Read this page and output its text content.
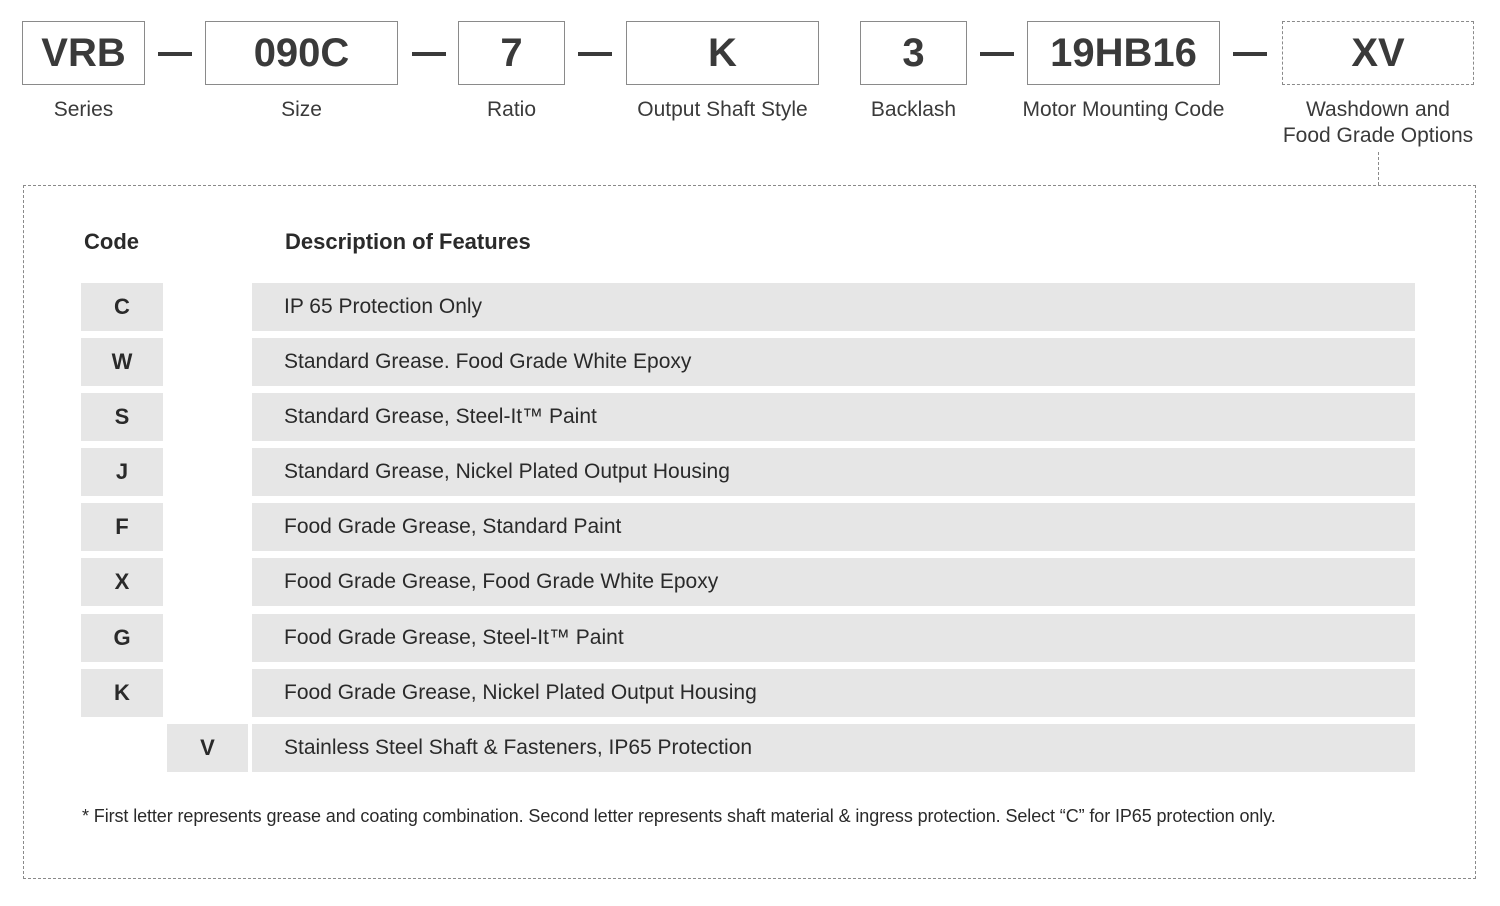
VRB	090C	7	K	3	19HB16	XV
Series	Size	Ratio	Output Shaft Style	Backlash	Motor Mounting Code	Washdown and
Food Grade Options
Code	Description of Features
C	IP 65 Protection Only
W	Standard Grease. Food Grade White Epoxy
S	Standard Grease, Steel-It™ Paint
J	Standard Grease, Nickel Plated Output Housing
F	Food Grade Grease, Standard Paint
X	Food Grade Grease, Food Grade White Epoxy
G	Food Grade Grease, Steel-It™ Paint
K	Food Grade Grease, Nickel Plated Output Housing
V	Stainless Steel Shaft & Fasteners, IP65 Protection
* First letter represents grease and coating combination. Second letter represents shaft material & ingress protection. Select “C” for IP65 protection only.
